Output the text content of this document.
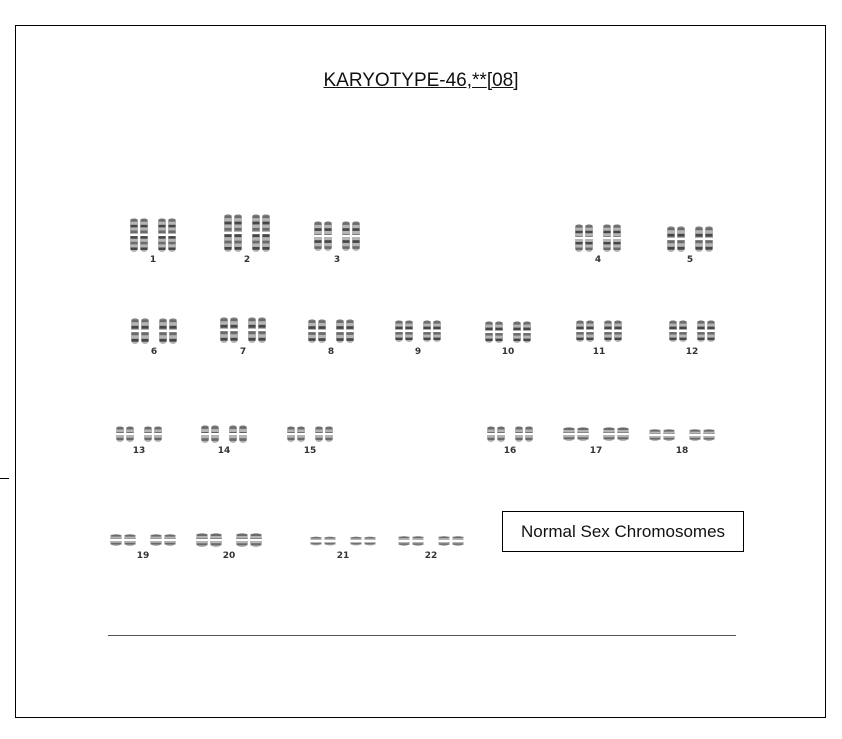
KARYOTYPE-46,**[08]
1	2	3	4	5
6	7	8	9	10	11	12
13	14	15	16	17	18
19	20	21	22
Normal Sex Chromosomes
